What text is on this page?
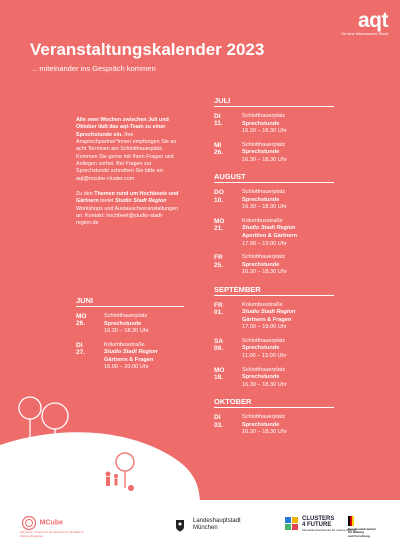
aqt
für eine lebenswerte Stadt
Veranstaltungskalender 2023
... miteinander ins Gespräch kommen

Alle zwei Wochen zwischen Juli und Oktober lädt das aqt-Team zu einer Sprechstunde ein. Ihre Ansprechpartner*innen empfangen Sie an acht Terminen am Schlotthauerplatz. Kommen Sie gerne mit Ihren Fragen und Anliegen vorbei. Bei Fragen zur Sprechstunde schreiben Sie bitte an: aqt@mcube-cluster.com

Zu den Themen rund um Hochbeete und Gärtnern bietet Studio Stadt Region Workshops und Austauschveranstaltungen an. Kontakt: hochbeet@studio-stadt-region.de

JUNI
MO
26.
Schlotthauerplatz
Sprechstunde
16.30 – 18.30 Uhr
DI
27.
Kolumbusstraße
Studio Stadt Region
Gärtnern & Fragen
16.00 – 20.00 Uhr
JULI
DI
11.
Schlotthauerplatz
Sprechstunde
16.30 – 18.30 Uhr
MI
26.
Schlotthauerplatz
Sprechstunde
16.30 – 18.30 Uhr
AUGUST
DO
10.
Schlotthauerplatz
Sprechstunde
16.30 – 18.30 Uhr
MO
21.
Kolumbusstraße
Studio Stadt Region
Aperitivo & Gärtnern
17.00 – 19.00 Uhr
FR
25.
Schlotthauerplatz
Sprechstunde
16.30 – 18.30 Uhr
SEPTEMBER
FR
01.
Kolumbusstraße
Studio Stadt Region
Gärtnern & Fragen
17.00 – 19.00 Uhr
SA
09.
Schlotthauerplatz
Sprechstunde
11.00 – 13.00 Uhr
MO
18.
Schlotthauerplatz
Sprechstunde
16.30 – 18.30 Uhr
OKTOBER
DI
03.
Schlotthauerplatz
Sprechstunde
16.30 – 18.30 Uhr
MCube
Münchner Cluster für die Zukunft der Mobilität in Metropolregionen
Landeshauptstadt
München
CLUSTERS
4 FUTURE
Innovationsnetzwerke für unsere Zukunft
Bundesministerium
für Bildung
und Forschung
